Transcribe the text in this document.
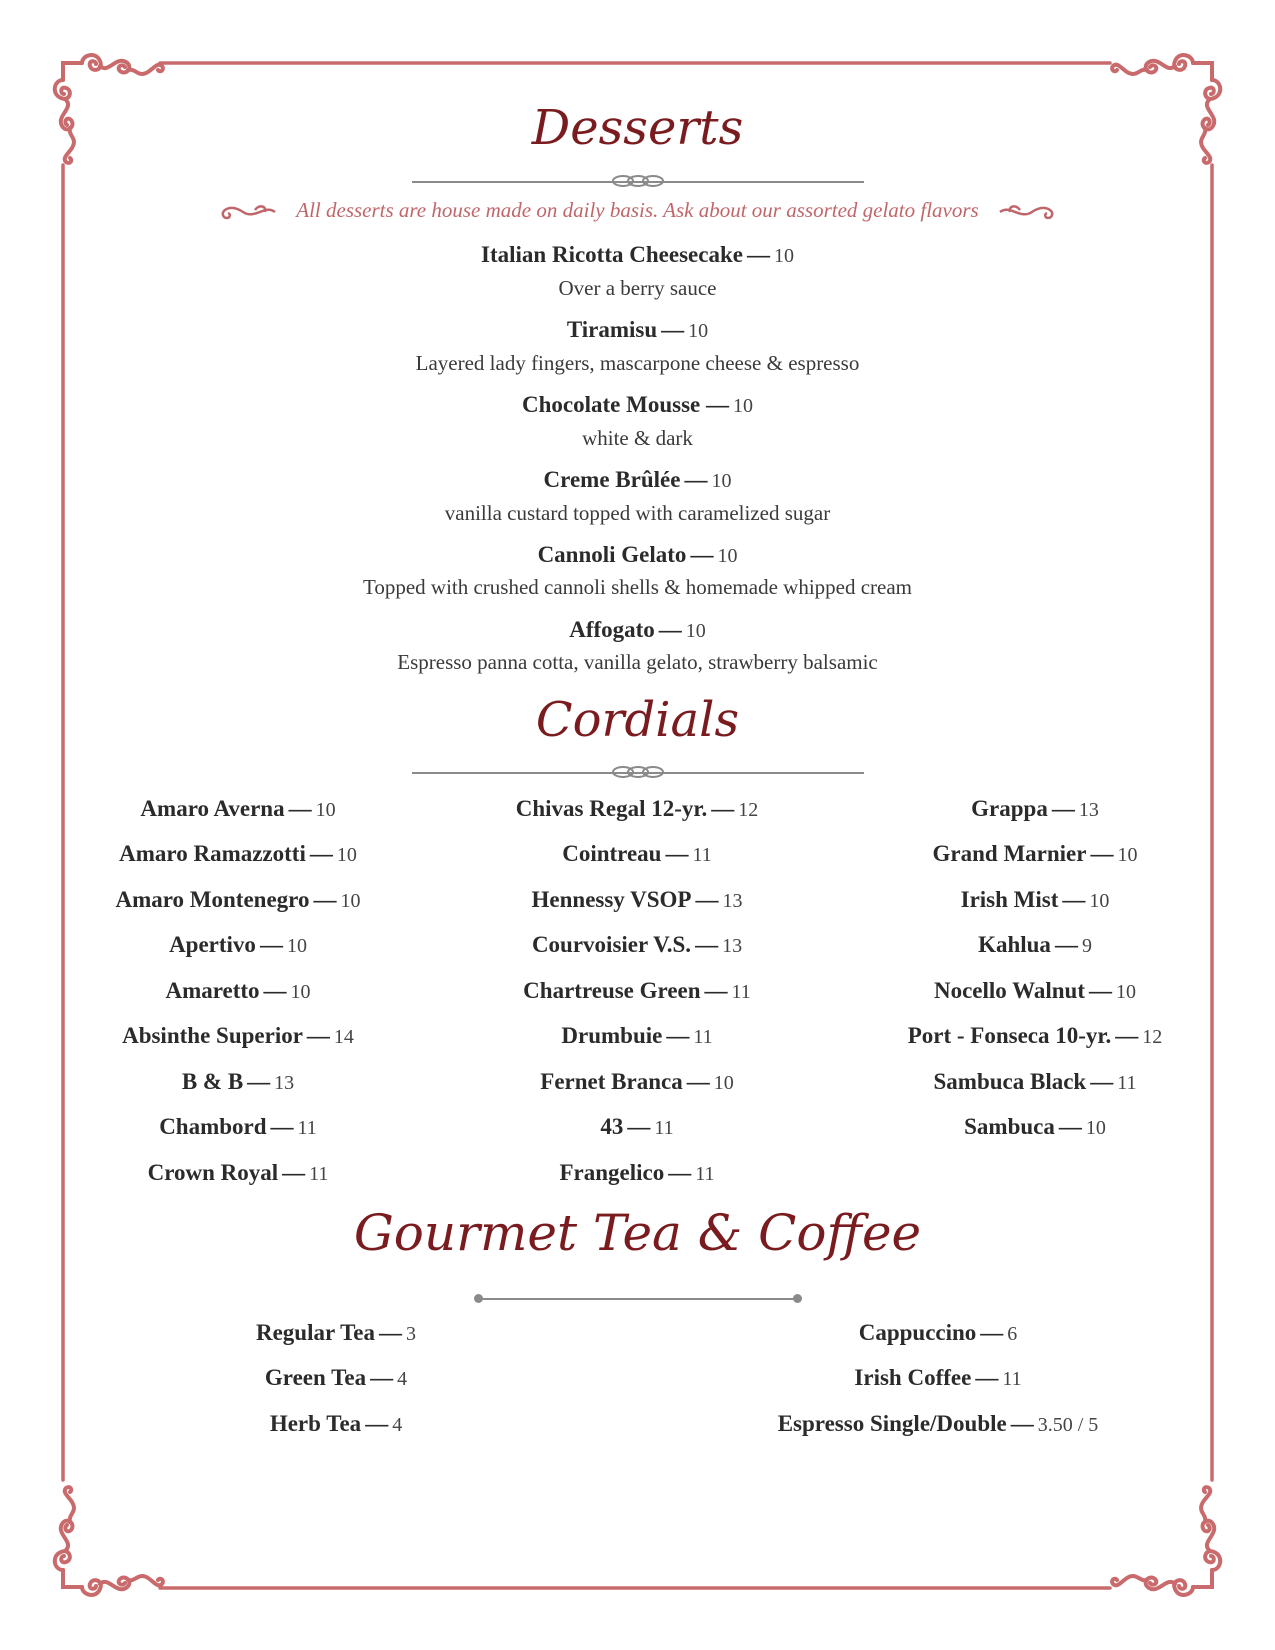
Desserts
All desserts are house made on daily basis. Ask about our assorted gelato flavors
Italian Ricotta Cheesecake — 10
Over a berry sauce
Tiramisu — 10
Layered lady fingers, mascarpone cheese & espresso
Chocolate Mousse — 10
white & dark
Creme Brûlée — 10
vanilla custard topped with caramelized sugar
Cannoli Gelato — 10
Topped with crushed cannoli shells & homemade whipped cream
Affogato — 10
Espresso panna cotta, vanilla gelato, strawberry balsamic
Cordials
Amaro Averna — 10
Amaro Ramazzotti — 10
Amaro Montenegro — 10
Apertivo — 10
Amaretto — 10
Absinthe Superior — 14
B & B — 13
Chambord — 11
Crown Royal — 11
Chivas Regal 12-yr. — 12
Cointreau — 11
Hennessy VSOP — 13
Courvoisier V.S. — 13
Chartreuse Green — 11
Drumbuie — 11
Fernet Branca — 10
43 — 11
Frangelico — 11
Grappa — 13
Grand Marnier — 10
Irish Mist — 10
Kahlua — 9
Nocello Walnut — 10
Port - Fonseca 10-yr. — 12
Sambuca Black — 11
Sambuca — 10
Gourmet Tea & Coffee
Regular Tea — 3
Green Tea — 4
Herb Tea — 4
Cappuccino — 6
Irish Coffee — 11
Espresso Single/Double — 3.50 / 5
